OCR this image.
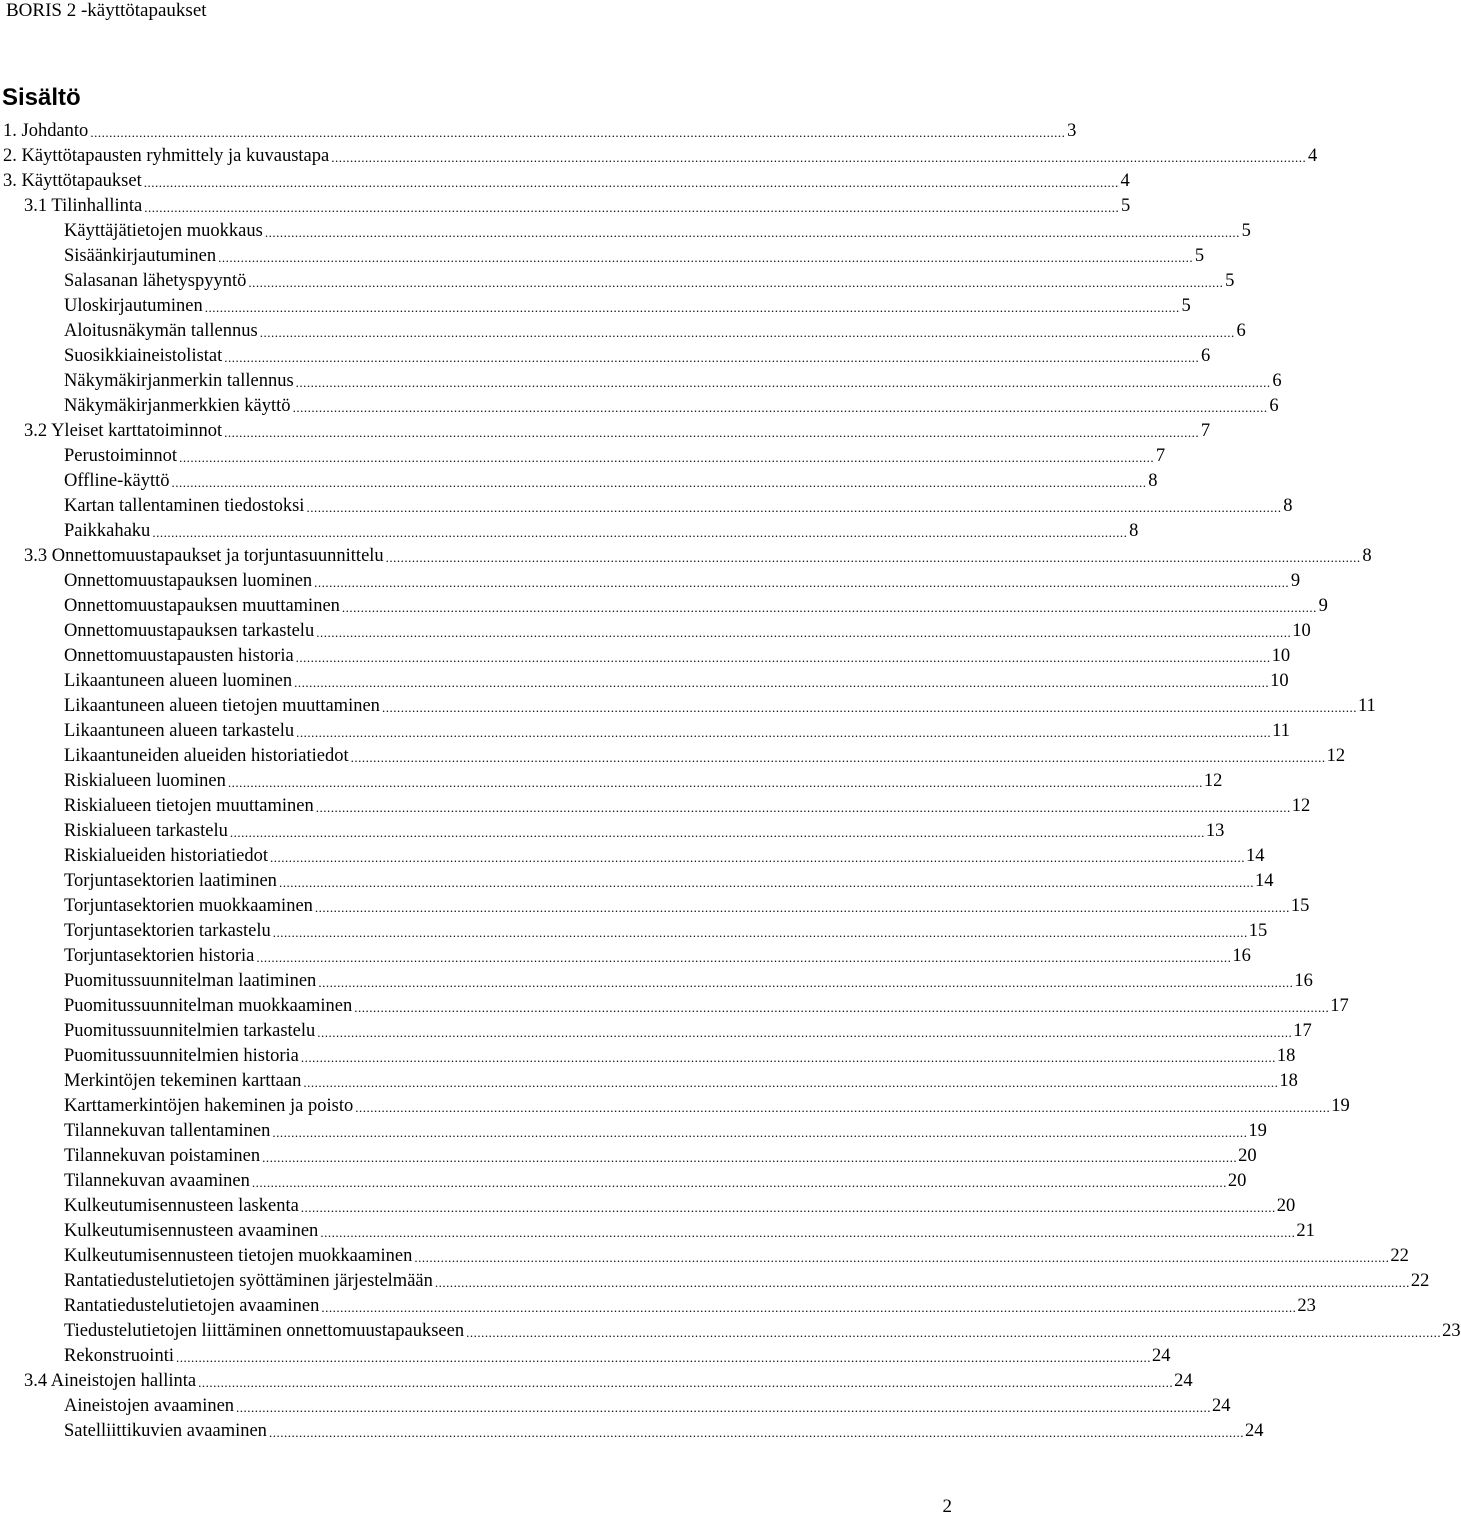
BORIS 2 -käyttötapaukset
Sisältö
1. Johdanto .................................................................................................................................................................................................................................................................... 3
2. Käyttötapausten ryhmittely ja kuvaustapa .................................................................................................................................................................................................................................................................... 4
3. Käyttötapaukset .................................................................................................................................................................................................................................................................... 4
3.1 Tilinhallinta .................................................................................................................................................................................................................................................................... 5
Käyttäjätietojen muokkaus .................................................................................................................................................................................................................................................................... 5
Sisäänkirjautuminen .................................................................................................................................................................................................................................................................... 5
Salasanan lähetyspyyntö .................................................................................................................................................................................................................................................................... 5
Uloskirjautuminen .................................................................................................................................................................................................................................................................... 5
Aloitusnäkymän tallennus .................................................................................................................................................................................................................................................................... 6
Suosikkiaineistolistat .................................................................................................................................................................................................................................................................... 6
Näkymäkirjanmerkin tallennus .................................................................................................................................................................................................................................................................... 6
Näkymäkirjanmerkkien käyttö .................................................................................................................................................................................................................................................................... 6
3.2 Yleiset karttatoiminnot .................................................................................................................................................................................................................................................................... 7
Perustoiminnot .................................................................................................................................................................................................................................................................... 7
Offline-käyttö .................................................................................................................................................................................................................................................................... 8
Kartan tallentaminen tiedostoksi .................................................................................................................................................................................................................................................................... 8
Paikkahaku .................................................................................................................................................................................................................................................................... 8
3.3 Onnettomuustapaukset ja torjuntasuunnittelu .................................................................................................................................................................................................................................................................... 8
Onnettomuustapauksen luominen .................................................................................................................................................................................................................................................................... 9
Onnettomuustapauksen muuttaminen .................................................................................................................................................................................................................................................................... 9
Onnettomuustapauksen tarkastelu .................................................................................................................................................................................................................................................................... 10
Onnettomuustapausten historia .................................................................................................................................................................................................................................................................... 10
Likaantuneen alueen luominen .................................................................................................................................................................................................................................................................... 10
Likaantuneen alueen tietojen muuttaminen .................................................................................................................................................................................................................................................................... 11
Likaantuneen alueen tarkastelu .................................................................................................................................................................................................................................................................... 11
Likaantuneiden alueiden historiatiedot .................................................................................................................................................................................................................................................................... 12
Riskialueen luominen .................................................................................................................................................................................................................................................................... 12
Riskialueen tietojen muuttaminen .................................................................................................................................................................................................................................................................... 12
Riskialueen tarkastelu .................................................................................................................................................................................................................................................................... 13
Riskialueiden historiatiedot .................................................................................................................................................................................................................................................................... 14
Torjuntasektorien laatiminen .................................................................................................................................................................................................................................................................... 14
Torjuntasektorien muokkaaminen .................................................................................................................................................................................................................................................................... 15
Torjuntasektorien tarkastelu .................................................................................................................................................................................................................................................................... 15
Torjuntasektorien historia .................................................................................................................................................................................................................................................................... 16
Puomitussuunnitelman laatiminen .................................................................................................................................................................................................................................................................... 16
Puomitussuunnitelman muokkaaminen .................................................................................................................................................................................................................................................................... 17
Puomitussuunnitelmien tarkastelu .................................................................................................................................................................................................................................................................... 17
Puomitussuunnitelmien historia .................................................................................................................................................................................................................................................................... 18
Merkintöjen tekeminen karttaan .................................................................................................................................................................................................................................................................... 18
Karttamerkintöjen hakeminen ja poisto .................................................................................................................................................................................................................................................................... 19
Tilannekuvan tallentaminen .................................................................................................................................................................................................................................................................... 19
Tilannekuvan poistaminen .................................................................................................................................................................................................................................................................... 20
Tilannekuvan avaaminen .................................................................................................................................................................................................................................................................... 20
Kulkeutumisennusteen laskenta .................................................................................................................................................................................................................................................................... 20
Kulkeutumisennusteen avaaminen .................................................................................................................................................................................................................................................................... 21
Kulkeutumisennusteen tietojen muokkaaminen .................................................................................................................................................................................................................................................................... 22
Rantatiedustelutietojen syöttäminen järjestelmään .................................................................................................................................................................................................................................................................... 22
Rantatiedustelutietojen avaaminen .................................................................................................................................................................................................................................................................... 23
Tiedustelutietojen liittäminen onnettomuustapaukseen .................................................................................................................................................................................................................................................................... 23
Rekonstruointi .................................................................................................................................................................................................................................................................... 24
3.4 Aineistojen hallinta .................................................................................................................................................................................................................................................................... 24
Aineistojen avaaminen .................................................................................................................................................................................................................................................................... 24
Satelliittikuvien avaaminen .................................................................................................................................................................................................................................................................... 24
2
